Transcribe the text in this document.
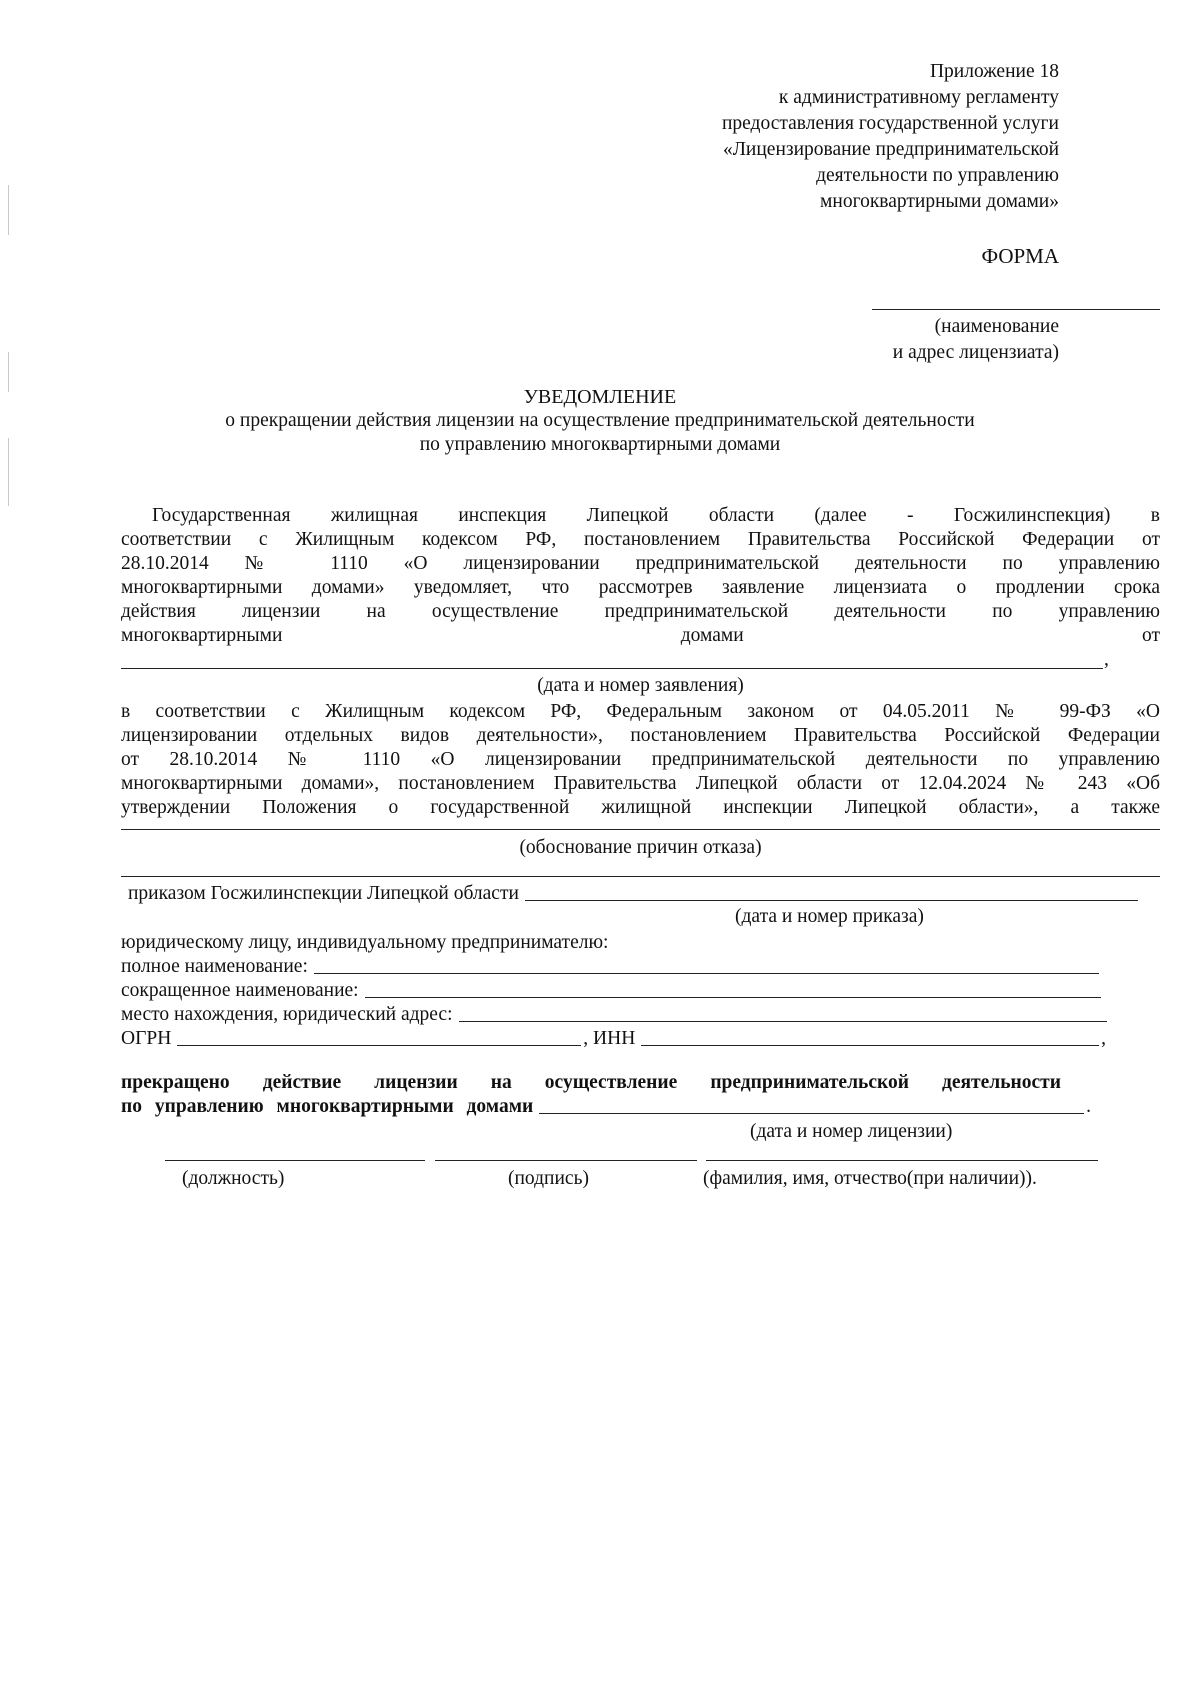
Приложение 18
к административному регламенту
предоставления государственной услуги
«Лицензирование предпринимательской
деятельности по управлению
многоквартирными домами»
ФОРМА
(наименование
и адрес лицензиата)
УВЕДОМЛЕНИЕ
о прекращении действия лицензии на осуществление предпринимательской деятельности
по управлению многоквартирными домами
Государственная жилищная инспекция Липецкой области (далее - Госжилинспекция) в
соответствии с Жилищным кодексом РФ, постановлением Правительства Российской Федерации от
28.10.2014 № 1110 «О лицензировании предпринимательской деятельности по управлению
многоквартирными домами» уведомляет, что рассмотрев заявление лицензиата о продлении срока
действия лицензии на осуществление предпринимательской деятельности по управлению
многоквартирными домами от
,
(дата и номер заявления)
в соответствии с Жилищным кодексом РФ, Федеральным законом от 04.05.2011 № 99-ФЗ «О
лицензировании отдельных видов деятельности», постановлением Правительства Российской Федерации
от 28.10.2014 № 1110 «О лицензировании предпринимательской деятельности по управлению
многоквартирными домами», постановлением Правительства Липецкой области от 12.04.2024 № 243 «Об
утверждении Положения о государственной жилищной инспекции Липецкой области», а также
(обоснование причин отказа)
приказом Госжилинспекции Липецкой области
(дата и номер приказа)
юридическому лицу, индивидуальному предпринимателю:
полное наименование:
сокращенное наименование:
место нахождения, юридический адрес:
ОГРН	, ИНН	,
прекращено действие лицензии на осуществление предпринимательской деятельности
по управлению многоквартирными домами	.
(дата и номер лицензии)
(должность)	(подпись)	(фамилия, имя, отчество(при наличии)).
